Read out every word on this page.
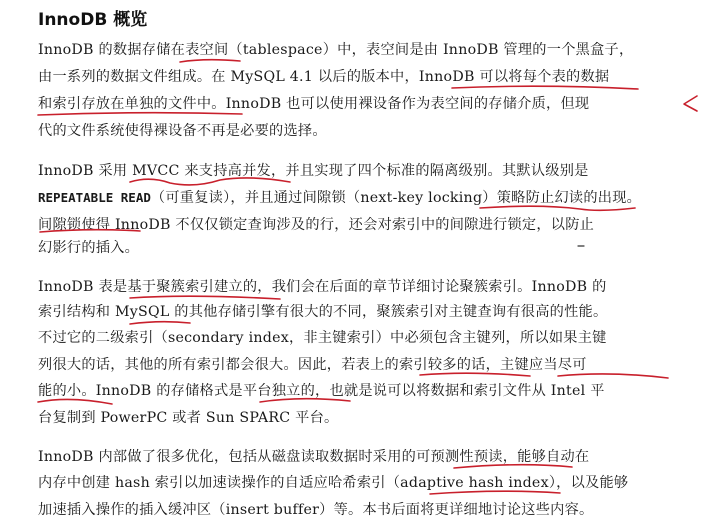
InnoDB 概览
InnoDB 的数据存储在表空间（tablespace）中，表空间是由 InnoDB 管理的一个黑盒子，
由一系列的数据文件组成。在 MySQL 4.1 以后的版本中，InnoDB 可以将每个表的数据
和索引存放在单独的文件中。InnoDB 也可以使用裸设备作为表空间的存储介质，但现
代的文件系统使得裸设备不再是必要的选择。
InnoDB 采用 MVCC 来支持高并发，并且实现了四个标准的隔离级别。其默认级别是
REPEATABLE READ（可重复读），并且通过间隙锁（next-key locking）策略防止幻读的出现。
间隙锁使得 InnoDB 不仅仅锁定查询涉及的行，还会对索引中的间隙进行锁定，以防止
幻影行的插入。
InnoDB 表是基于聚簇索引建立的，我们会在后面的章节详细讨论聚簇索引。InnoDB 的
索引结构和 MySQL 的其他存储引擎有很大的不同，聚簇索引对主键查询有很高的性能。
不过它的二级索引（secondary index，非主键索引）中必须包含主键列，所以如果主键
列很大的话，其他的所有索引都会很大。因此，若表上的索引较多的话，主键应当尽可
能的小。InnoDB 的存储格式是平台独立的，也就是说可以将数据和索引文件从 Intel 平
台复制到 PowerPC 或者 Sun SPARC 平台。
InnoDB 内部做了很多优化，包括从磁盘读取数据时采用的可预测性预读，能够自动在
内存中创建 hash 索引以加速读操作的自适应哈希索引（adaptive hash index），以及能够
加速插入操作的插入缓冲区（insert buffer）等。本书后面将更详细地讨论这些内容。
